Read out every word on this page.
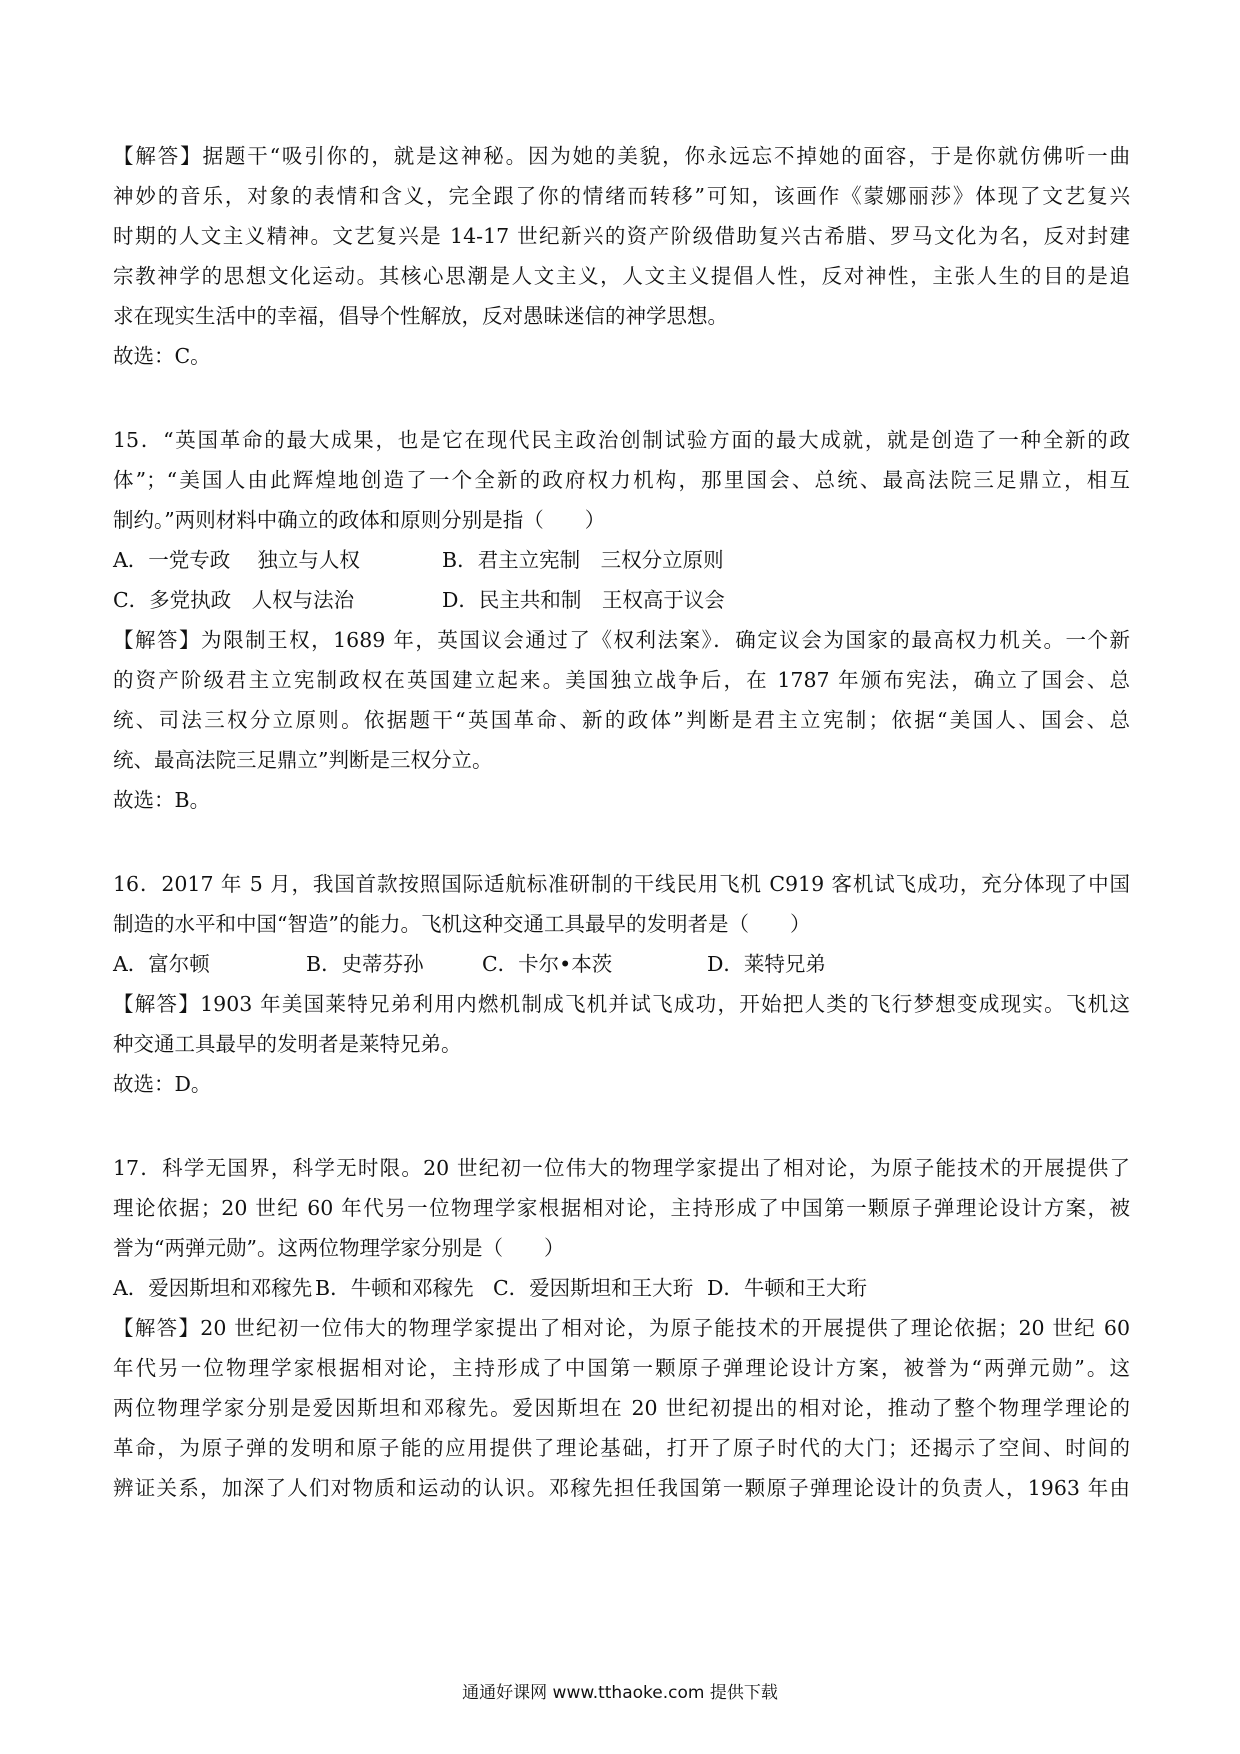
【解答】据题干“吸引你的，就是这神秘。因为她的美貌，你永远忘不掉她的面容，于是你就仿佛听一曲
神妙的音乐，对象的表情和含义，完全跟了你的情绪而转移”可知，该画作《蒙娜丽莎》体现了文艺复兴
时期的人文主义精神。文艺复兴是 14-17 世纪新兴的资产阶级借助复兴古希腊、罗马文化为名，反对封建
宗教神学的思想文化运动。其核心思潮是人文主义，人文主义提倡人性，反对神性，主张人生的目的是追
求在现实生活中的幸福，倡导个性解放，反对愚昧迷信的神学思想。
故选：C。
15．“英国革命的最大成果，也是它在现代民主政治创制试验方面的最大成就，就是创造了一种全新的政
体”；“美国人由此辉煌地创造了一个全新的政府权力机构，那里国会、总统、最高法院三足鼎立，相互
制约。”两则材料中确立的政体和原则分别是指（　　）
A．一党专政　 独立与人权	B．君主立宪制　三权分立原则
C．多党执政　人权与法治	D．民主共和制　王权高于议会
【解答】为限制王权，1689 年，英国议会通过了《权利法案》．确定议会为国家的最高权力机关。一个新
的资产阶级君主立宪制政权在英国建立起来。美国独立战争后，在 1787 年颁布宪法，确立了国会、总
统、司法三权分立原则。依据题干“英国革命、新的政体”判断是君主立宪制；依据“美国人、国会、总
统、最高法院三足鼎立”判断是三权分立。
故选：B。
16．2017 年 5 月，我国首款按照国际适航标准研制的干线民用飞机 C919 客机试飞成功，充分体现了中国
制造的水平和中国“智造”的能力。飞机这种交通工具最早的发明者是（　　）
A．富尔顿	B．史蒂芬孙	C．卡尔•本茨	D．莱特兄弟
【解答】1903 年美国莱特兄弟利用内燃机制成飞机并试飞成功，开始把人类的飞行梦想变成现实。飞机这
种交通工具最早的发明者是莱特兄弟。
故选：D。
17．科学无国界，科学无时限。20 世纪初一位伟大的物理学家提出了相对论，为原子能技术的开展提供了
理论依据；20 世纪 60 年代另一位物理学家根据相对论，主持形成了中国第一颗原子弹理论设计方案，被
誉为“两弹元勋”。这两位物理学家分别是（　　）
A．爱因斯坦和邓稼先 B．牛顿和邓稼先 C．爱因斯坦和王大珩 D．牛顿和王大珩
【解答】20 世纪初一位伟大的物理学家提出了相对论，为原子能技术的开展提供了理论依据；20 世纪 60
年代另一位物理学家根据相对论，主持形成了中国第一颗原子弹理论设计方案，被誉为“两弹元勋”。这
两位物理学家分别是爱因斯坦和邓稼先。爱因斯坦在 20 世纪初提出的相对论，推动了整个物理学理论的
革命，为原子弹的发明和原子能的应用提供了理论基础，打开了原子时代的大门；还揭示了空间、时间的
辨证关系，加深了人们对物质和运动的认识。邓稼先担任我国第一颗原子弹理论设计的负责人，1963 年由
通通好课网 www.tthaoke.com 提供下载
